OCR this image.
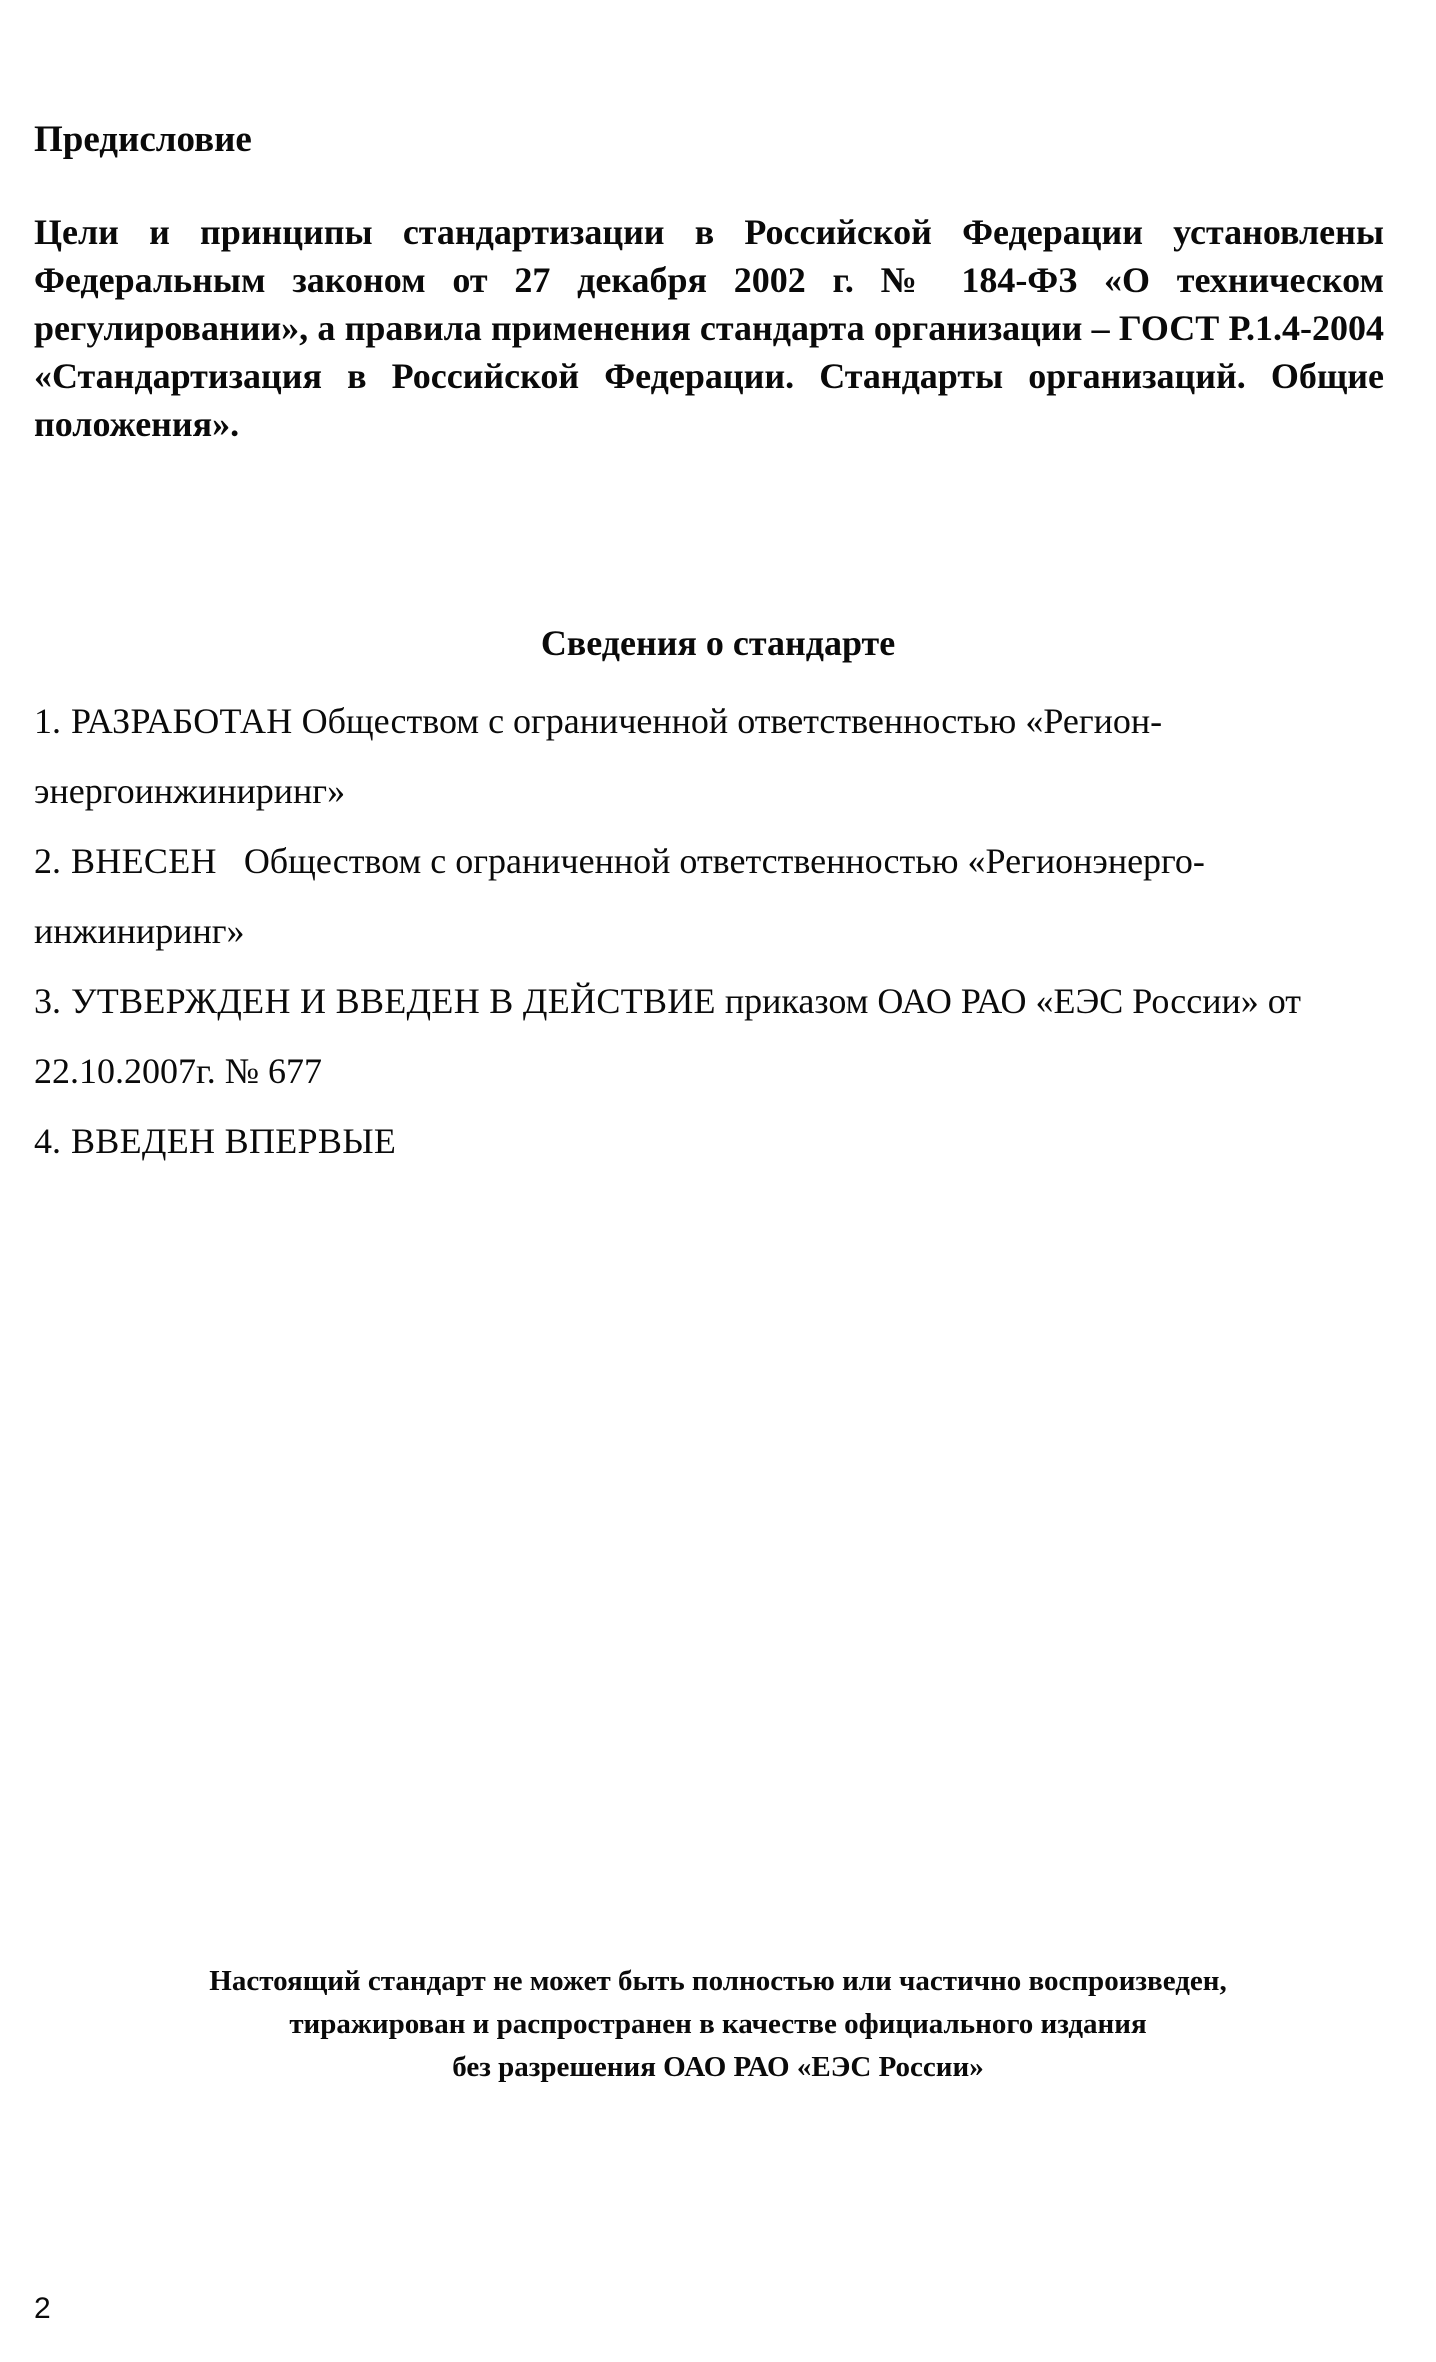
Предисловие

Цели и принципы стандартизации в Российской Федерации установлены Федеральным законом от 27 декабря 2002 г. № 184-ФЗ «О техническом регулировании», а правила применения стандарта организации – ГОСТ Р.1.4-2004 «Стандартизация в Российской Федерации. Стандарты организаций. Общие положения».

Сведения о стандарте
1. РАЗРАБОТАН Обществом с ограниченной ответственностью «Регион-энергоинжиниринг»
2. ВНЕСЕН Обществом с ограниченной ответственностью «Регионэнерго-инжиниринг»
3. УТВЕРЖДЕН И ВВЕДЕН В ДЕЙСТВИЕ приказом ОАО РАО «ЕЭС России» от 22.10.2007г. № 677
4. ВВЕДЕН ВПЕРВЫЕ

Настоящий стандарт не может быть полностью или частично воспроизведен,
тиражирован и распространен в качестве официального издания
без разрешения ОАО РАО «ЕЭС России»

2
